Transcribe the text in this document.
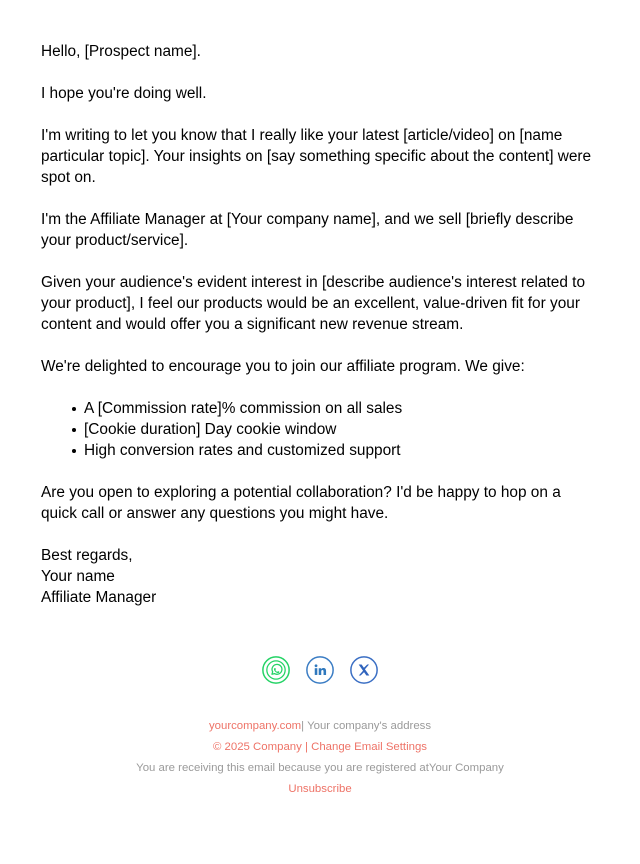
Hello, [Prospect name].

I hope you're doing well.

I'm writing to let you know that I really like your latest [article/video] on [name particular topic]. Your insights on [say something specific about the content] were spot on.

I'm the Affiliate Manager at [Your company name], and we sell [briefly describe your product/service].

Given your audience's evident interest in [describe audience's interest related to your product], I feel our products would be an excellent, value-driven fit for your content and would offer you a significant new revenue stream.

We're delighted to encourage you to join our affiliate program. We give:

A [Commission rate]% commission on all sales
[Cookie duration] Day cookie window
High conversion rates and customized support

Are you open to exploring a potential collaboration? I'd be happy to hop on a quick call or answer any questions you might have.

Best regards,

Your name

Affiliate Manager

yourcompany.com| Your company's address

© 2025 Company | Change Email Settings

You are receiving this email because you are registered atYour Company

Unsubscribe
